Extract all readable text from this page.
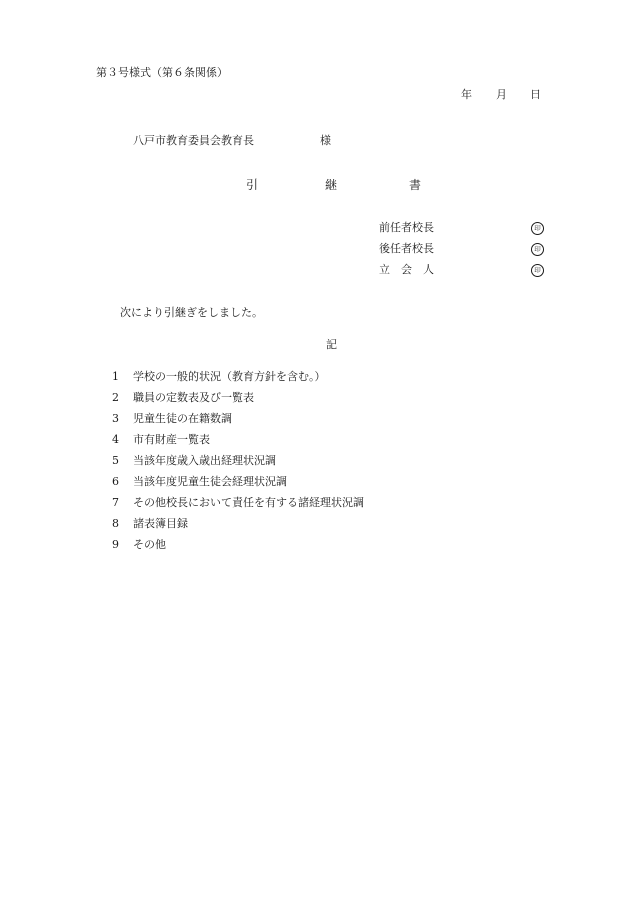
第３号様式（第６条関係）
年 月 日
八戸市教育委員会教育長	様
引	継	書
前任者校長	印
後任者校長	印
立　会　人	印
次により引継ぎをしました。
記
1 学校の一般的状況（教育方針を含む。）
2 職員の定数表及び一覧表
3 児童生徒の在籍数調
4 市有財産一覧表
5 当該年度歳入歳出経理状況調
6 当該年度児童生徒会経理状況調
7 その他校長において責任を有する諸経理状況調
8 諸表簿目録
9 その他
